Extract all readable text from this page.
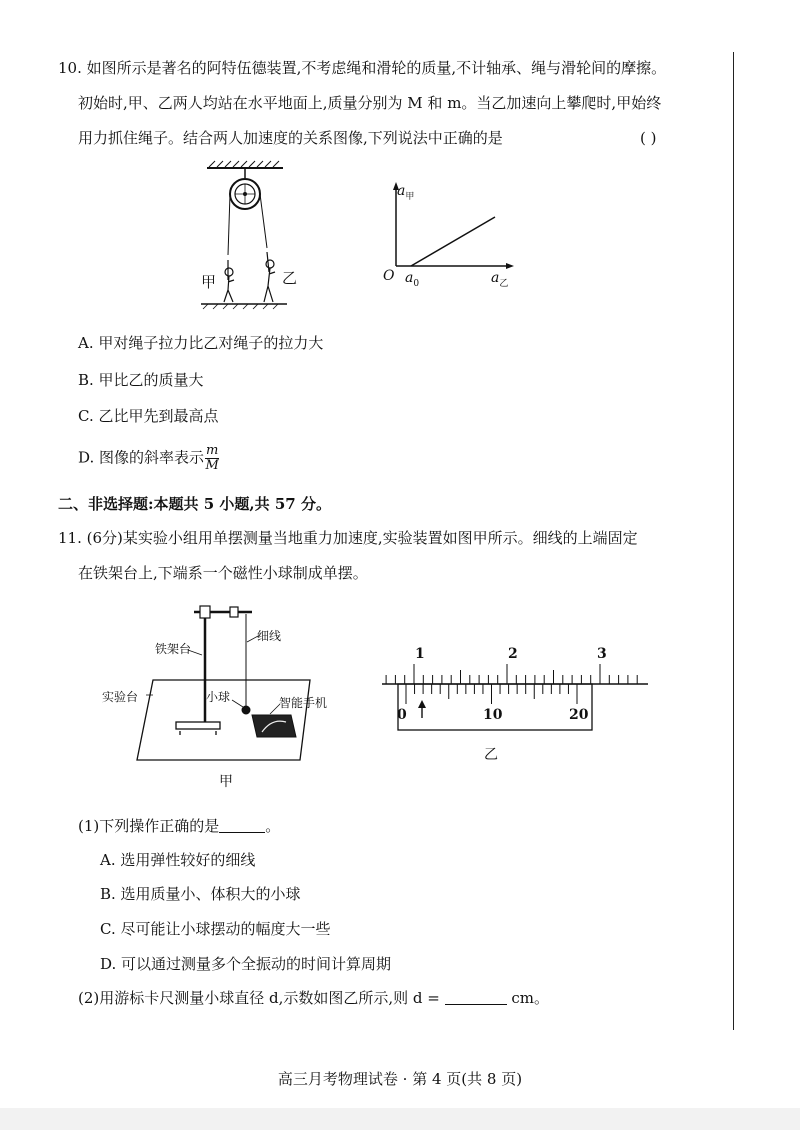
10. 如图所示是著名的阿特伍德装置,不考虑绳和滑轮的质量,不计轴承、绳与滑轮间的摩擦。
初始时,甲、乙两人均站在水平地面上,质量分别为 M 和 m。当乙加速向上攀爬时,甲始终
用力抓住绳子。结合两人加速度的关系图像,下列说法中正确的是	( )
甲	乙
$a_甲$
O $a_0$	$a_乙$
A. 甲对绳子拉力比乙对绳子的拉力大
B. 甲比乙的质量大
C. 乙比甲先到最高点
D. 图像的斜率表示 $\frac{m}{M}$
二、非选择题:本题共 5 小题,共 57 分。
11. (6分)某实验小组用单摆测量当地重力加速度,实验装置如图甲所示。细线的上端固定
在铁架台上,下端系一个磁性小球制成单摆。
铁架台
细线
实验台	小球	智能手机
甲
1	2	3
0	10	20
乙
(1)下列操作正确的是	。
A. 选用弹性较好的细线
B. 选用质量小、体积大的小球
C. 尽可能让小球摆动的幅度大一些
D. 可以通过测量多个全振动的时间计算周期
(2)用游标卡尺测量小球直径 d,示数如图乙所示,则 d =	cm。
高三月考物理试卷 · 第 4 页(共 8 页)
